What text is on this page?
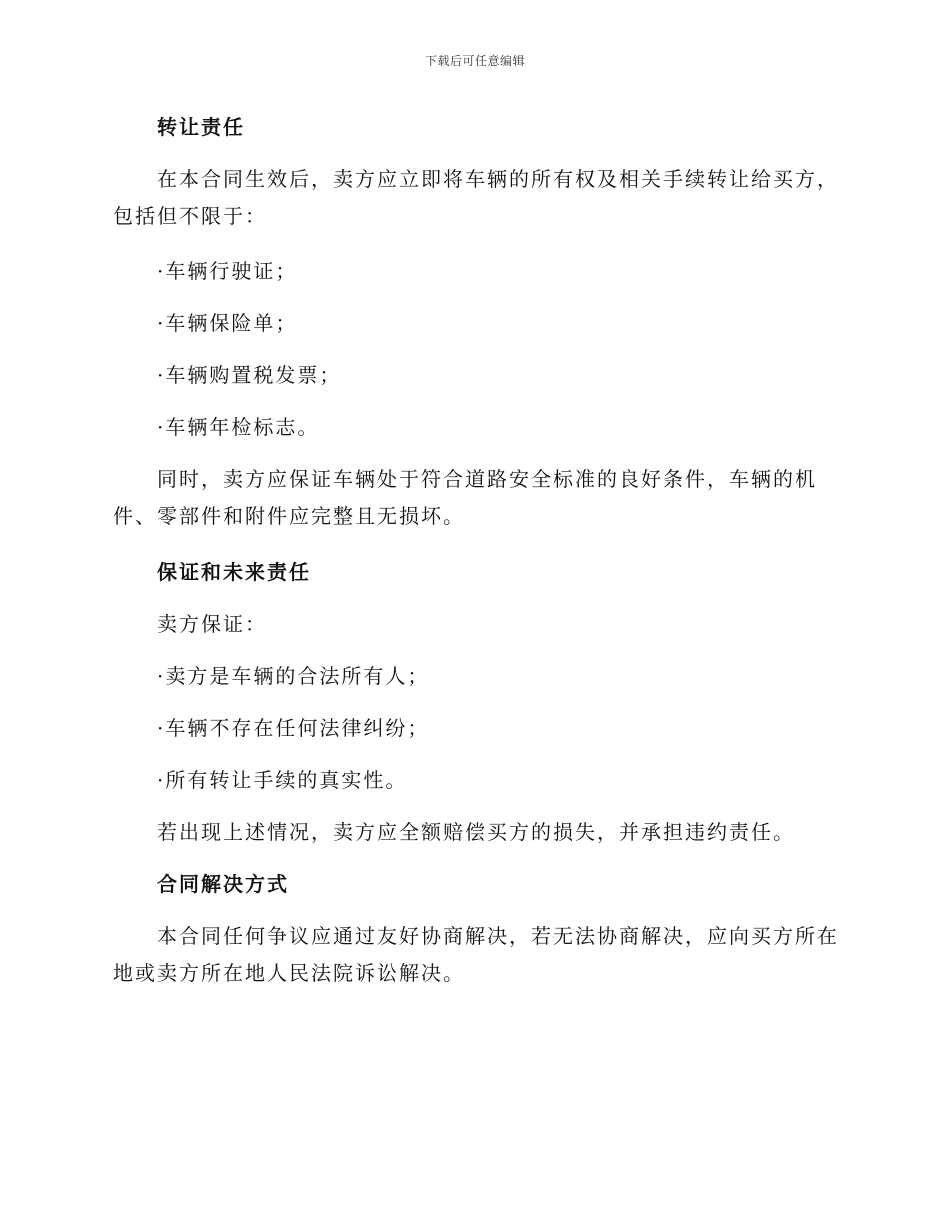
下载后可任意编辑

转让责任

在本合同生效后，卖方应立即将车辆的所有权及相关手续转让给买方，

包括但不限于：

·车辆行驶证；

·车辆保险单；

·车辆购置税发票；

·车辆年检标志。

同时，卖方应保证车辆处于符合道路安全标准的良好条件，车辆的机

件、零部件和附件应完整且无损坏。

保证和未来责任

卖方保证：

·卖方是车辆的合法所有人；

·车辆不存在任何法律纠纷；

·所有转让手续的真实性。

若出现上述情况，卖方应全额赔偿买方的损失，并承担违约责任。

合同解决方式

本合同任何争议应通过友好协商解决，若无法协商解决，应向买方所在

地或卖方所在地人民法院诉讼解决。
